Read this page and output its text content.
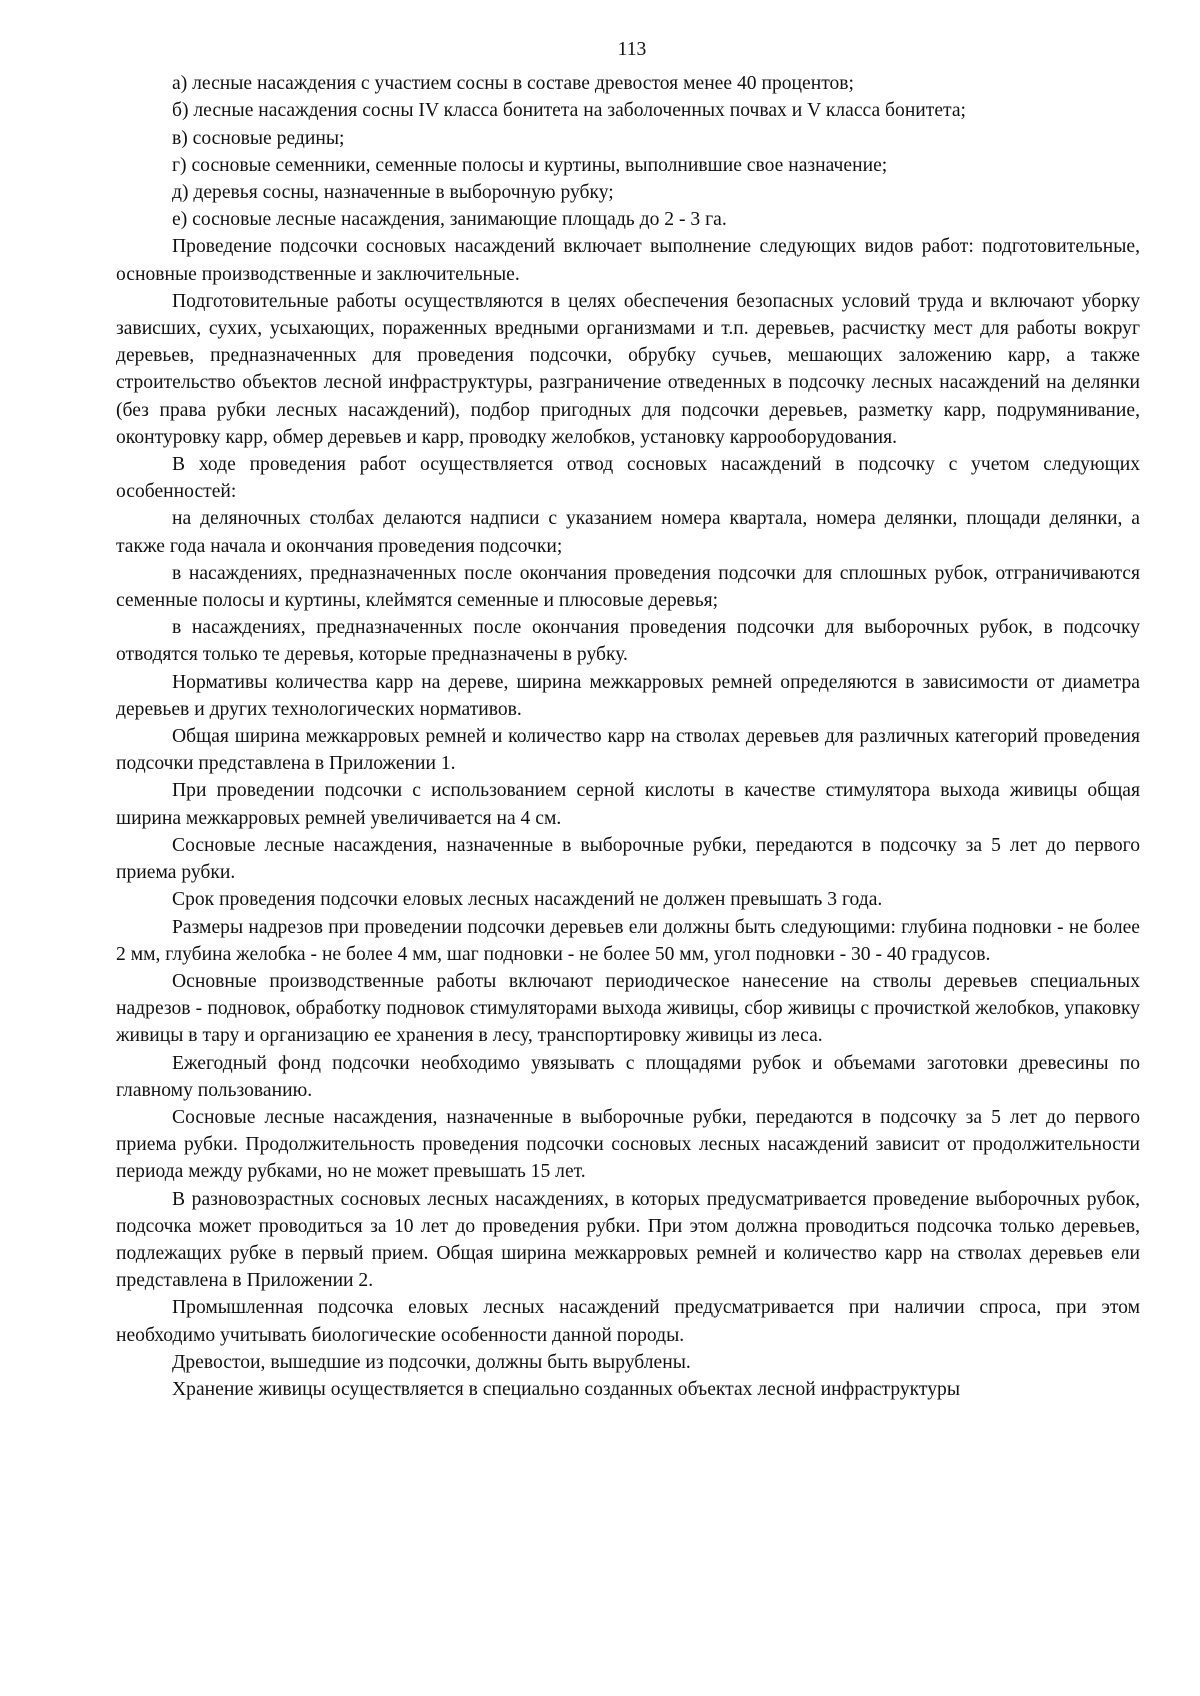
113

а) лесные насаждения с участием сосны в составе древостоя менее 40 процентов;

б) лесные насаждения сосны IV класса бонитета на заболоченных почвах и V класса бонитета;

в) сосновые редины;

г) сосновые семенники, семенные полосы и куртины, выполнившие свое назначение;

д) деревья сосны, назначенные в выборочную рубку;

е) сосновые лесные насаждения, занимающие площадь до 2 - 3 га.

Проведение подсочки сосновых насаждений включает выполнение следующих видов работ: подготовительные, основные производственные и заключительные.

Подготовительные работы осуществляются в целях обеспечения безопасных условий труда и включают уборку зависших, сухих, усыхающих, пораженных вредными организмами и т.п. деревьев, расчистку мест для работы вокруг деревьев, предназначенных для проведения подсочки, обрубку сучьев, мешающих заложению карр, а также строительство объектов лесной инфраструктуры, разграничение отведенных в подсочку лесных насаждений на делянки (без права рубки лесных насаждений), подбор пригодных для подсочки деревьев, разметку карр, подрумянивание, оконтуровку карр, обмер деревьев и карр, проводку желобков, установку каррооборудования.

В ходе проведения работ осуществляется отвод сосновых насаждений в подсочку с учетом следующих особенностей:

на деляночных столбах делаются надписи с указанием номера квартала, номера делянки, площади делянки, а также года начала и окончания проведения подсочки;

в насаждениях, предназначенных после окончания проведения подсочки для сплошных рубок, отграничиваются семенные полосы и куртины, клеймятся семенные и плюсовые деревья;

в насаждениях, предназначенных после окончания проведения подсочки для выборочных рубок, в подсочку отводятся только те деревья, которые предназначены в рубку.

Нормативы количества карр на дереве, ширина межкарровых ремней определяются в зависимости от диаметра деревьев и других технологических нормативов.

Общая ширина межкарровых ремней и количество карр на стволах деревьев для различных категорий проведения подсочки представлена в Приложении 1.

При проведении подсочки с использованием серной кислоты в качестве стимулятора выхода живицы общая ширина межкарровых ремней увеличивается на 4 см.

Сосновые лесные насаждения, назначенные в выборочные рубки, передаются в подсочку за 5 лет до первого приема рубки.

Срок проведения подсочки еловых лесных насаждений не должен превышать 3 года.

Размеры надрезов при проведении подсочки деревьев ели должны быть следующими: глубина подновки - не более 2 мм, глубина желобка - не более 4 мм, шаг подновки - не более 50 мм, угол подновки - 30 - 40 градусов.

Основные производственные работы включают периодическое нанесение на стволы деревьев специальных надрезов - подновок, обработку подновок стимуляторами выхода живицы, сбор живицы с прочисткой желобков, упаковку живицы в тару и организацию ее хранения в лесу, транспортировку живицы из леса.

Ежегодный фонд подсочки необходимо увязывать с площадями рубок и объемами заготовки древесины по главному пользованию.

Сосновые лесные насаждения, назначенные в выборочные рубки, передаются в подсочку за 5 лет до первого приема рубки. Продолжительность проведения подсочки сосновых лесных насаждений зависит от продолжительности периода между рубками, но не может превышать 15 лет.

В разновозрастных сосновых лесных насаждениях, в которых предусматривается проведение выборочных рубок, подсочка может проводиться за 10 лет до проведения рубки. При этом должна проводиться подсочка только деревьев, подлежащих рубке в первый прием. Общая ширина межкарровых ремней и количество карр на стволах деревьев ели представлена в Приложении 2.

Промышленная подсочка еловых лесных насаждений предусматривается при наличии спроса, при этом необходимо учитывать биологические особенности данной породы.

Древостои, вышедшие из подсочки, должны быть вырублены.

Хранение живицы осуществляется в специально созданных объектах лесной инфраструктуры
